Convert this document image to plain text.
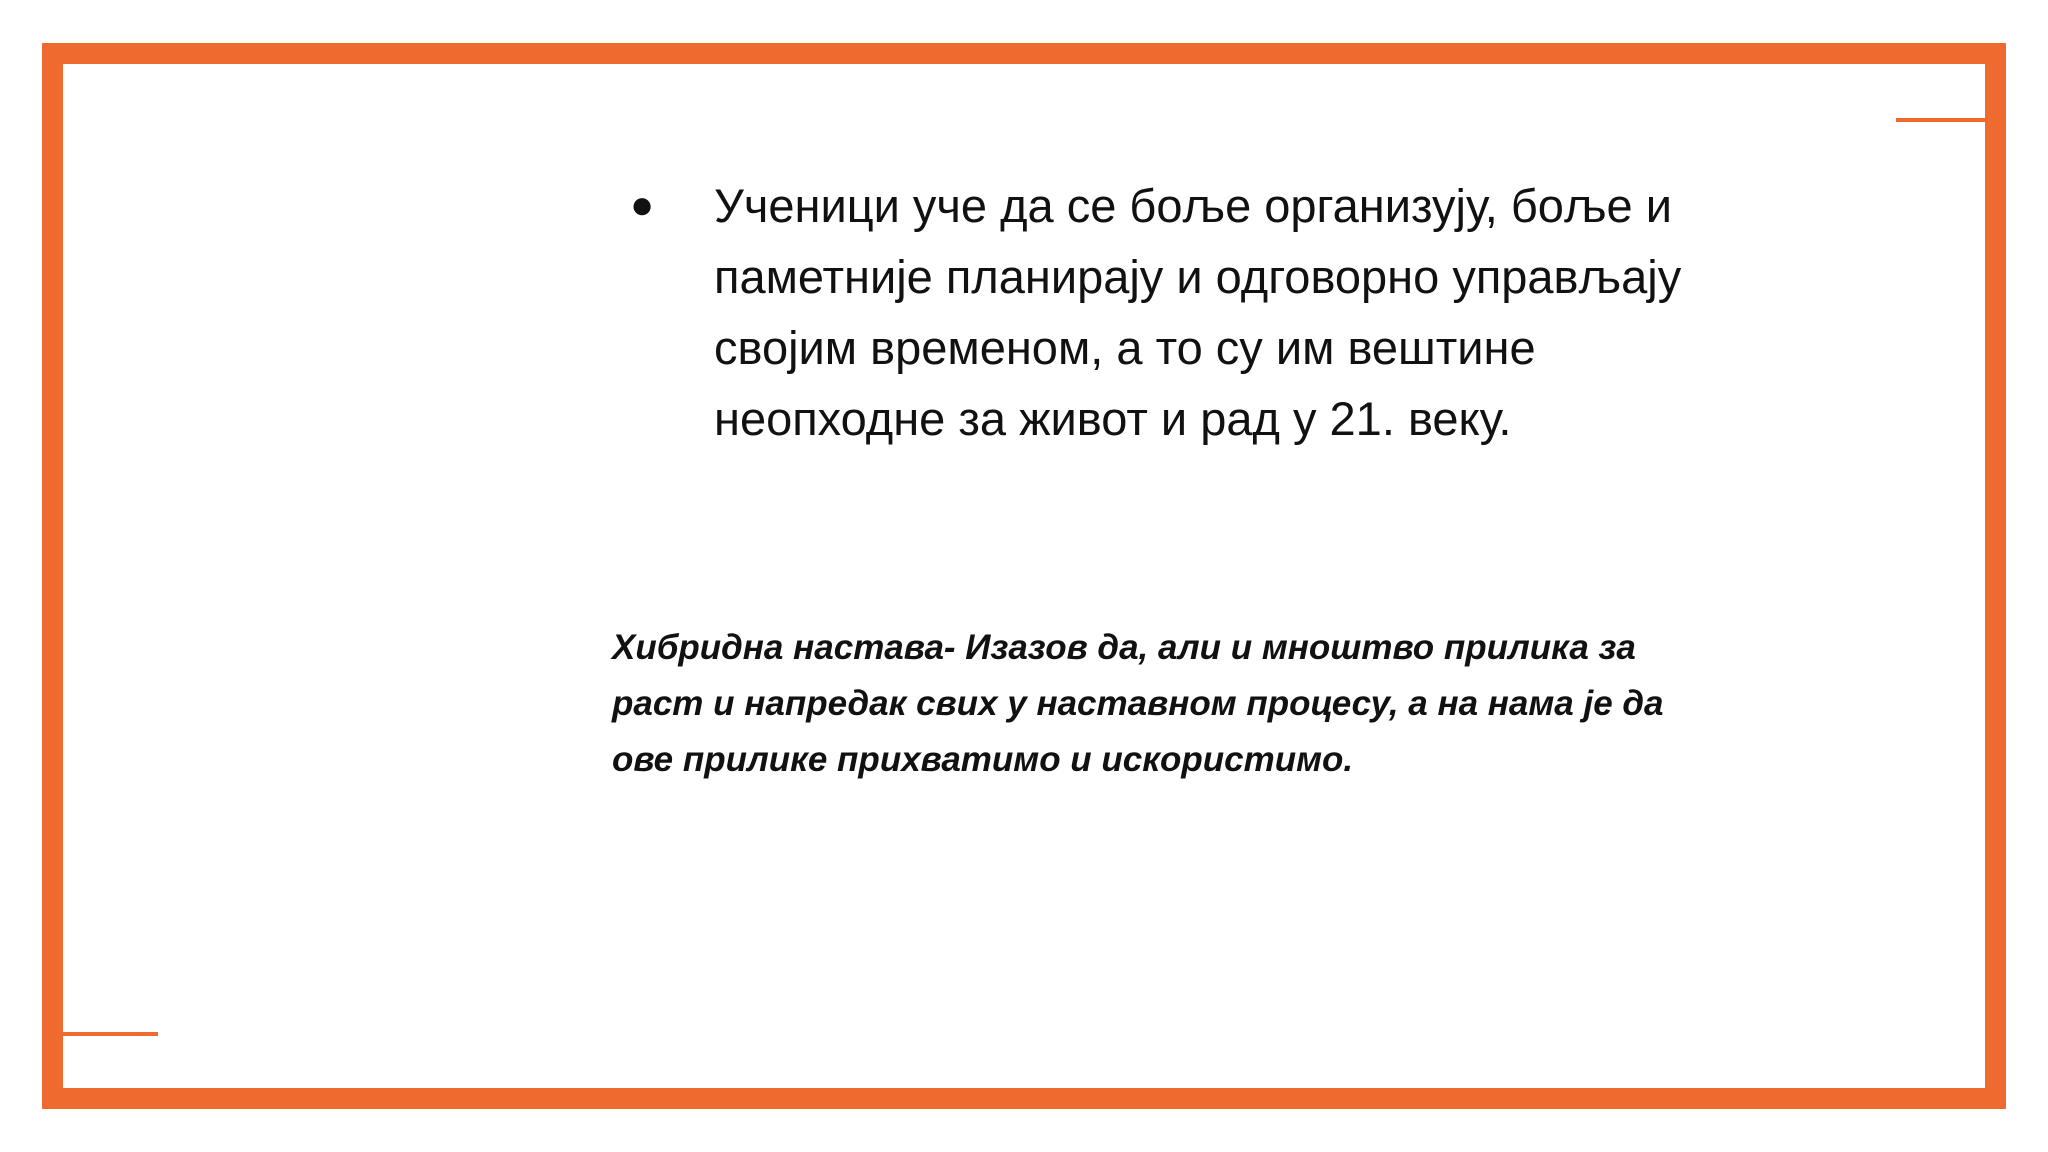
●	Ученици уче да се боље организују, боље и
паметније планирају и одговорно управљају
својим временом, а то су им вештине
неопходне за живот и рад у 21. веку.
Хибридна настава- Изазов да, али и мноштво прилика за
раст и напредак свих у наставном процесу, а на нама је да
ове прилике прихватимо и искористимо.
